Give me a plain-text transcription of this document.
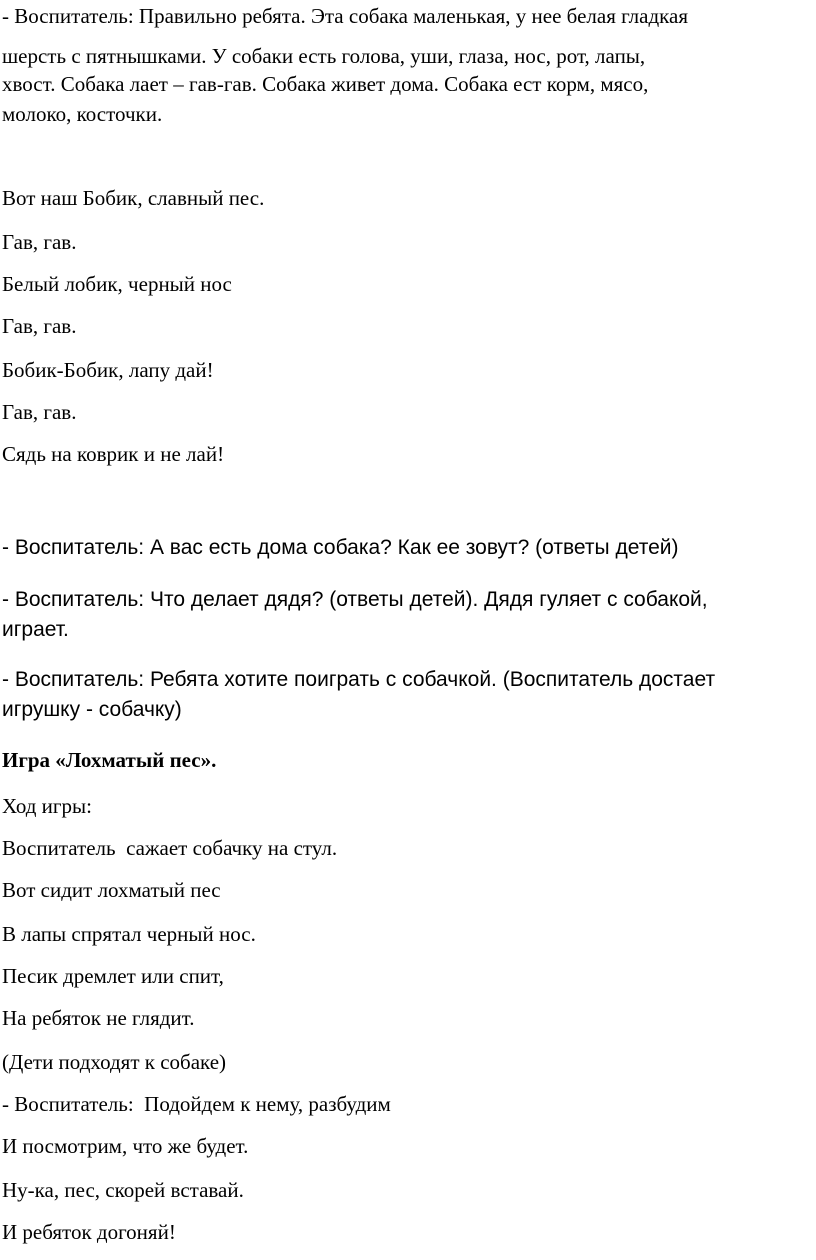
- Воспитатель: Правильно ребята. Эта собака маленькая, у нее белая гладкая

шерсть с пятнышками. У собаки есть голова, уши, глаза, нос, рот, лапы,

хвост. Собака лает – гав-гав. Собака живет дома. Собака ест корм, мясо,

молоко, косточки.

Вот наш Бобик, славный пес.

Гав, гав.

Белый лобик, черный нос

Гав, гав.

Бобик-Бобик, лапу дай!

Гав, гав.

Сядь на коврик и не лай!

- Воспитатель: А вас есть дома собака? Как ее зовут? (ответы детей)

- Воспитатель: Что делает дядя? (ответы детей). Дядя гуляет с собакой,

играет.

- Воспитатель: Ребята хотите поиграть с собачкой. (Воспитатель достает

игрушку - собачку)

Игра «Лохматый пес».

Ход игры:

Воспитатель  сажает собачку на стул.

Вот сидит лохматый пес

В лапы спрятал черный нос.

Песик дремлет или спит,

На ребяток не глядит.

(Дети подходят к собаке)

- Воспитатель:  Подойдем к нему, разбудим

И посмотрим, что же будет.

Ну-ка, пес, скорей вставай.

И ребяток догоняй!
